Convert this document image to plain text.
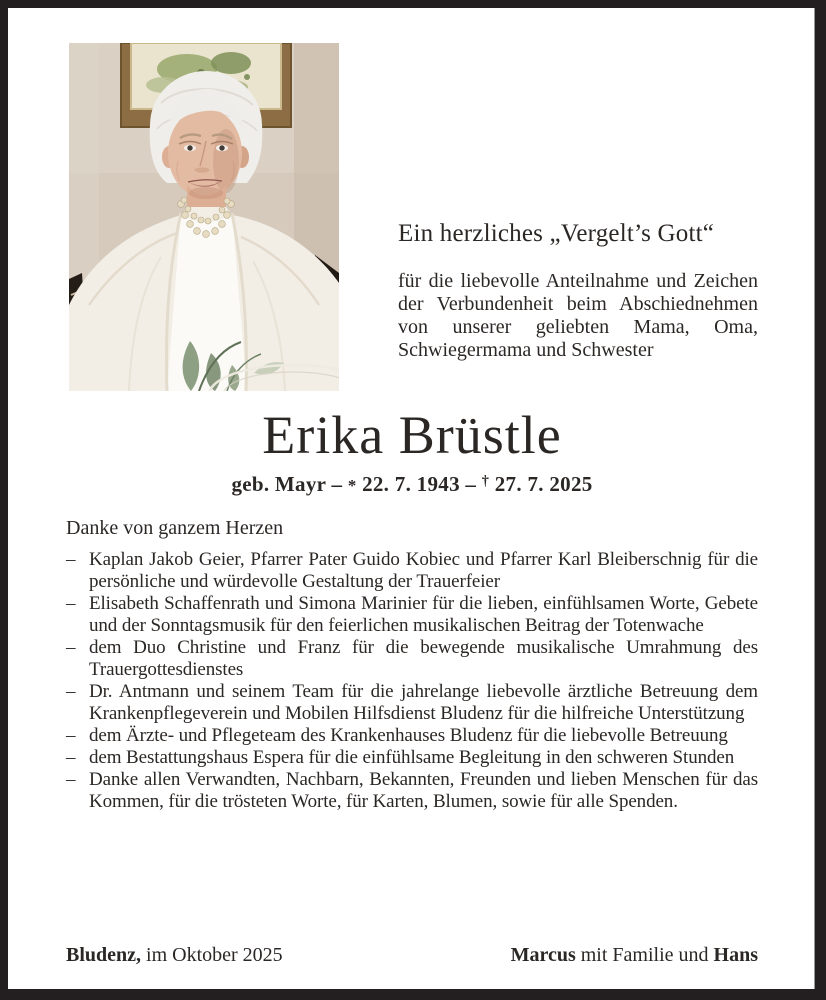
Ein herzliches „Vergelt’s Gott“

für die liebevolle Anteilnahme und Zeichen der Verbundenheit beim Abschiednehmen von unserer geliebten Mama, Oma, Schwiegermama und Schwester

Erika Brüstle

geb. Mayr – * 22. 7. 1943 – † 27. 7. 2025

Danke von ganzem Herzen

– Kaplan Jakob Geier, Pfarrer Pater Guido Kobiec und Pfarrer Karl Bleiberschnig für die persönliche und würdevolle Gestaltung der Trauerfeier
– Elisabeth Schaffenrath und Simona Marinier für die lieben, einfühlsamen Worte, Gebete und der Sonntagsmusik für den feierlichen musikalischen Beitrag der Totenwache
– dem Duo Christine und Franz für die bewegende musikalische Umrahmung des Trauergottesdienstes
– Dr. Antmann und seinem Team für die jahrelange liebevolle ärztliche Betreuung dem Krankenpflegeverein und Mobilen Hilfsdienst Bludenz für die hilfreiche Unterstützung
– dem Ärzte- und Pflegeteam des Krankenhauses Bludenz für die liebevolle Betreuung
– dem Bestattungshaus Espera für die einfühlsame Begleitung in den schweren Stunden
– Danke allen Verwandten, Nachbarn, Bekannten, Freunden und lieben Menschen für das Kommen, für die trösteten Worte, für Karten, Blumen, sowie für alle Spenden.

Bludenz, im Oktober 2025	Marcus mit Familie und Hans
